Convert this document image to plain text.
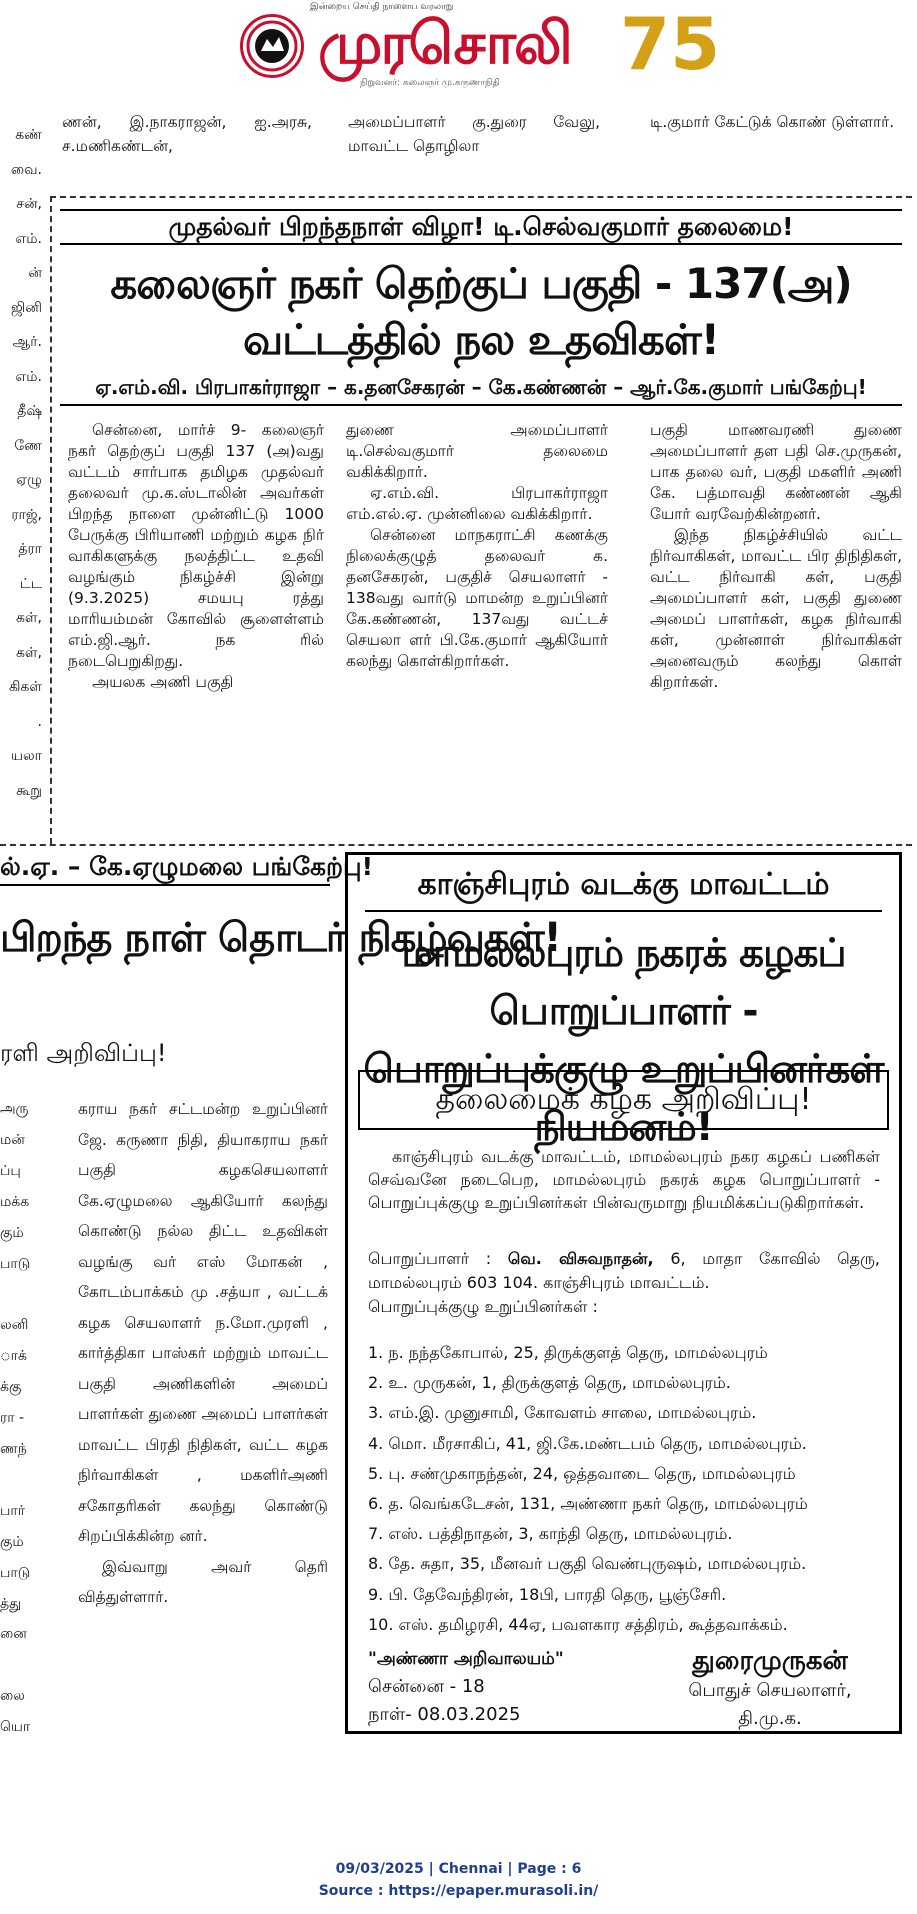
இன்றைய செய்தி நாளைய வரலாறு
முரசொலி
நிறுவனர்: கலைஞர் மு.கருணாநிதி 75
ணன், இ.நாகராஜன், ஐ.அரசு, ச.மணிகண்டன்,
அமைப்பாளர் கு.துரை வேலு, மாவட்ட தொழிலா
டி.குமார் கேட்டுக் கொண் டுள்ளார்.
கண்
வை.
சன்,
எம்.
ன்
ஜினி
ஆர்.
எம்.
தீஷ்
ணே
ஏழு
ராஜ்,
த்ரா
ட்ட
கள்,
கள்,
கிகள்
.
யலா
கூறு
முதல்வர் பிறந்தநாள் விழா! டி.செல்வகுமார் தலைமை!
கலைஞர் நகர் தெற்குப் பகுதி - 137(அ) வட்டத்தில் நல உதவிகள்!
ஏ.எம்.வி. பிரபாகர்ராஜா – க.தனசேகரன் – கே.கண்ணன் – ஆர்.கே.குமார் பங்கேற்பு!

சென்னை, மார்ச் 9- கலைஞர் நகர் தெற்குப் பகுதி 137 (அ)வது வட்டம் சார்பாக தமிழக முதல்வர் தலைவர் மு.க.ஸ்டாலின் அவர்கள் பிறந்த நாளை முன்னிட்டு 1000 பேருக்கு பிரியாணி மற்றும் கழக நிர் வாகிகளுக்கு நலத்திட்ட உதவி வழங்கும் நிகழ்ச்சி இன்று (9.3.2025) சமயபு ரத்து மாரியம்மன் கோவில் சூளைள்ளம் எம்.ஜி.ஆர். நக ரில் நடைபெறுகிறது.

அயலக அணி பகுதி

துணை அமைப்பாளர் டி.செல்வகுமார் தலைமை வகிக்கிறார்.

ஏ.எம்.வி. பிரபாகர்ராஜா எம்.எல்.ஏ. முன்னிலை வகிக்கிறார்.

சென்னை மாநகராட்சி கணக்கு நிலைக்குழுத் தலைவர் க. தனசேகரன், பகுதிச் செயலாளர் - 138வது வார்டு மாமன்ற உறுப்பினர் கே.கண்ணன், 137வது வட்டச் செயலா ளர் பி.கே.குமார் ஆகியோர் கலந்து கொள்கிறார்கள்.

பகுதி மாணவரணி துணை அமைப்பாளர் தள பதி செ.முருகன், பாக தலை வர், பகுதி மகளிர் அணி கே. பத்மாவதி கண்ணன் ஆகி யோர் வரவேற்கின்றனர்.

இந்த நிகழ்ச்சியில் வட்ட நிர்வாகிகள், மாவட்ட பிர திநிதிகள், வட்ட நிர்வாகி கள், பகுதி அமைப்பாளர் கள், பகுதி துணை அமைப் பாளர்கள், கழக நிர்வாகி கள், முன்னாள் நிர்வாகிகள் அனைவரும் கலந்து கொள் கிறார்கள்.

ல்.ஏ. – கே.ஏழுமலை பங்கேற்பு!
பிறந்த நாள் தொடர் நிகழ்வுகள்!
ரளி அறிவிப்பு!
அரு
மன்
ப்பு
மக்க
கும்
பாடு

லனி
ாக்
க்கு
ரா -
ணந்

பார்
கும்
பாடு
த்து
னை

லை
யொ

கராய நகர் சட்டமன்ற உறுப்பினர் ஜே. கருணா நிதி, தியாகராய நகர் பகுதி கழகசெயலாளர் கே.ஏழுமலை ஆகியோர் கலந்து கொண்டு நல்ல திட்ட உதவிகள் வழங்கு வர் எஸ் மோகன் , கோடம்பாக்கம் மு .சத்யா , வட்டக் கழக செயலாளர் ந.மோ.முரளி , கார்த்திகா பாஸ்கர் மற்றும் மாவட்ட பகுதி அணிகளின் அமைப் பாளர்கள் துணை அமைப் பாளர்கள் மாவட்ட பிரதி நிதிகள், வட்ட கழக நிர்வாகிகள் , மகளிர்அணி சகோதரிகள் கலந்து கொண்டு சிறப்பிக்கின்ற னர்.

இவ்வாறு அவர் தெரி வித்துள்ளார்.

காஞ்சிபுரம் வடக்கு மாவட்டம்
மாமல்லபுரம் நகரக் கழகப் பொறுப்பாளர் -
பொறுப்புக்குழு உறுப்பினர்கள் நியமனம்!
தலைமைக் கழக அறிவிப்பு!
காஞ்சிபுரம் வடக்கு மாவட்டம், மாமல்லபுரம் நகர கழகப் பணிகள் செவ்வனே நடைபெற, மாமல்லபுரம் நகரக் கழக பொறுப்பாளர் - பொறுப்புக்குழு உறுப்பினர்கள் பின்வருமாறு நியமிக்கப்படுகிறார்கள்.
பொறுப்பாளர் : வெ. விசுவநாதன், 6, மாதா கோவில் தெரு, மாமல்லபுரம் 603 104. காஞ்சிபுரம் மாவட்டம்.
பொறுப்புக்குழு உறுப்பினர்கள் :
1. ந. நந்தகோபால், 25, திருக்குளத் தெரு, மாமல்லபுரம்
2. உ. முருகன், 1, திருக்குளத் தெரு, மாமல்லபுரம்.
3. எம்.இ. முனுசாமி, கோவளம் சாலை, மாமல்லபுரம்.
4. மொ. மீரசாகிப், 41, ஜி.கே.மண்டபம் தெரு, மாமல்லபுரம்.
5. பு. சண்முகாநந்தன், 24, ஒத்தவாடை தெரு, மாமல்லபுரம்
6. த. வெங்கடேசன், 131, அண்ணா நகர் தெரு, மாமல்லபுரம்
7. எஸ். பத்திநாதன், 3, காந்தி தெரு, மாமல்லபுரம்.
8. தே. சுதா, 35, மீனவர் பகுதி வெண்புருஷம், மாமல்லபுரம்.
9. பி. தேவேந்திரன், 18பி, பாரதி தெரு, பூஞ்சேரி.
10. எஸ். தமிழரசி, 44ஏ, பவளகார சத்திரம், கூத்தவாக்கம்.
"அண்ணா அறிவாலயம்"
சென்னை - 18
நாள்- 08.03.2025
துரைமுருகன்
பொதுச் செயலாளர்,
தி.மு.க.
09/03/2025 | Chennai | Page : 6
Source : https://epaper.murasoli.in/
